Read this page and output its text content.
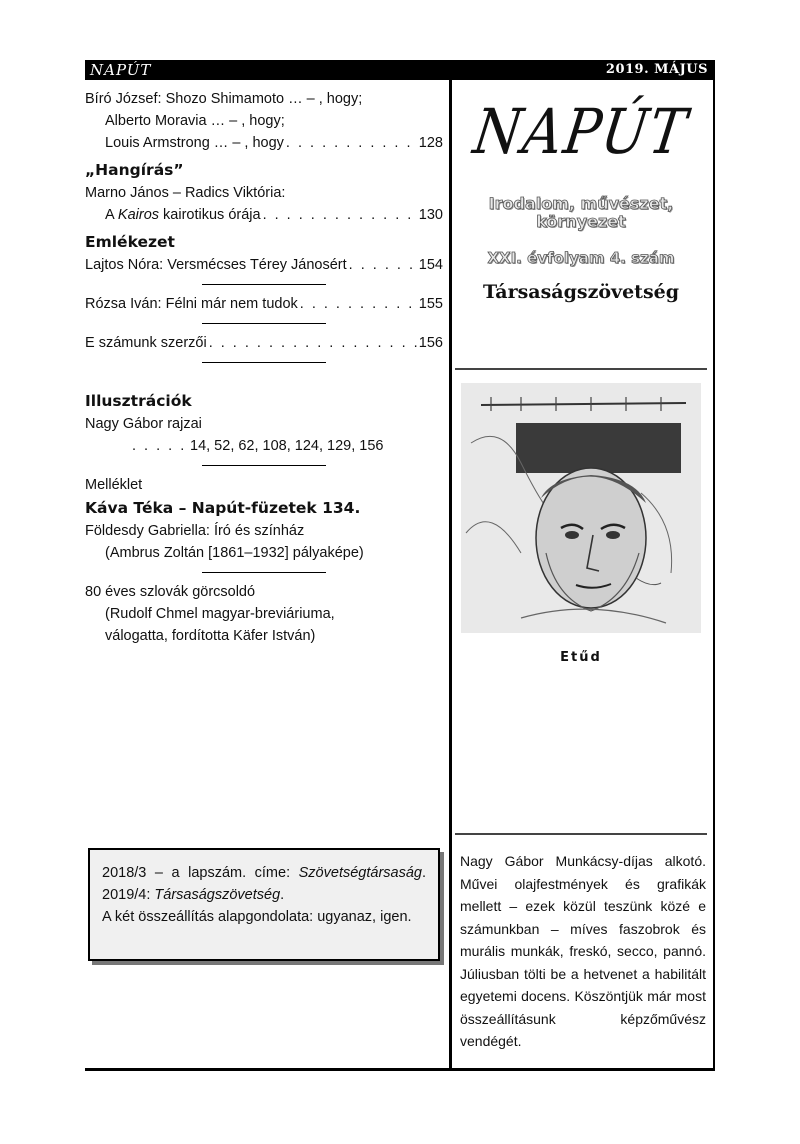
NAPÚT	2019. MÁJUS
Bíró József: Shozo Shimamoto … – , hogy;
Alberto Moravia … – , hogy;
Louis Armstrong … – , hogy . . .	128
„Hangírás”
Marno János – Radics Viktória:
A Kairos kairotikus órája . . .	130
Emlékezet
Lajtos Nóra: Versmécses Térey Jánosért . . .	154
Rózsa Iván: Félni már nem tudok . . .	155
E számunk szerzői . . .	156
Illusztrációk
Nagy Gábor rajzai
. . .
14, 52, 62, 108, 124, 129, 156
Melléklet
Káva Téka – Napút-füzetek 134.
Földesdy Gabriella: Író és színház
(Ambrus Zoltán [1861–1932] pályaképe)
80 éves szlovák görcsoldó
(Rudolf Chmel magyar-breviáriuma,
válogatta, fordította Käfer István)
NAPÚT
Irodalom, művészet,
környezet
XXI. évfolyam 4. szám
Társaságszövetség
Etűd
Nagy Gábor Munkácsy-díjas alkotó. Művei olajfestmények és grafikák mellett – ezek közül teszünk közé e számunkban – míves faszobrok és murális munkák, freskó, secco, pannó. Júliusban tölti be a hetvenet a habilitált egyetemi docens. Köszöntjük már most összeállításunk képzőművész vendégét.
2018/3 – a lapszám. címe: Szövetségtársaság. 2019/4: Társaságszövetség.
A két összeállítás alapgondolata: ugyanaz, igen.
